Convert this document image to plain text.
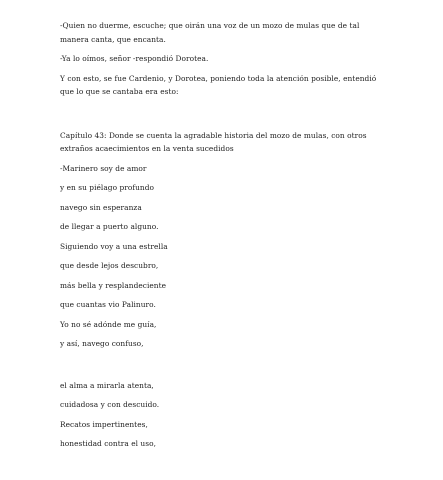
-Quien no duerme, escuche; que oirán una voz de un mozo de mulas que de tal manera canta, que encanta.

-Ya lo oímos, señor -respondió Dorotea.

Y con esto, se fue Cardenio, y Dorotea, poniendo toda la atención posible, entendió que lo que se cantaba era esto:

Capítulo 43: Donde se cuenta la agradable historia del mozo de mulas, con otros extraños acaecimientos en la venta sucedidos

-Marinero soy de amor

y en su piélago profundo

navego sin esperanza

de llegar a puerto alguno.

Siguiendo voy a una estrella

que desde lejos descubro,

más bella y resplandeciente

que cuantas vio Palinuro.

Yo no sé adónde me guía,

y así, navego confuso,

el alma a mirarla atenta,

cuidadosa y con descuido.

Recatos impertinentes,

honestidad contra el uso,
